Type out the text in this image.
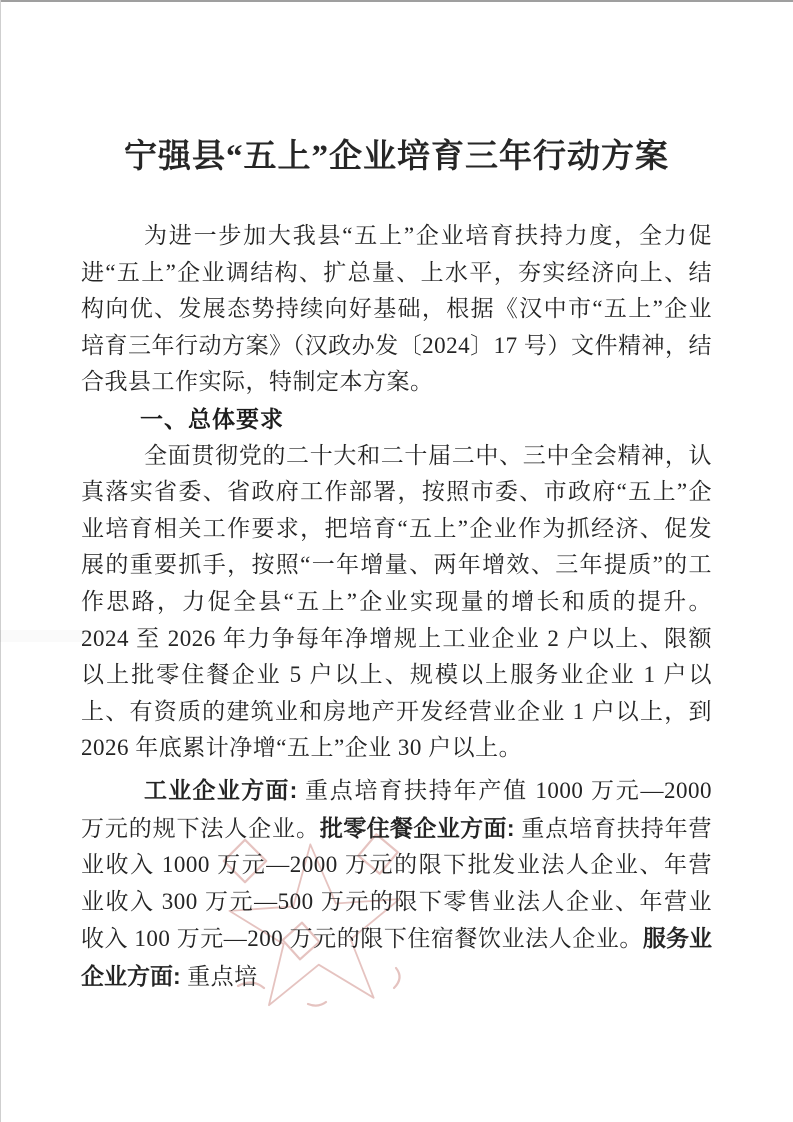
宁强县“五上”企业培育三年行动方案

为进一步加大我县“五上”企业培育扶持力度，全力促进“五上”企业调结构、扩总量、上水平，夯实经济向上、结构向优、发展态势持续向好基础，根据《汉中市“五上”企业培育三年行动方案》（汉政办发〔2024〕17 号）文件精神，结合我县工作实际，特制定本方案。

一、总体要求

全面贯彻党的二十大和二十届二中、三中全会精神，认真落实省委、省政府工作部署，按照市委、市政府“五上”企业培育相关工作要求，把培育“五上”企业作为抓经济、促发展的重要抓手，按照“一年增量、两年增效、三年提质”的工作思路，力促全县“五上”企业实现量的增长和质的提升。2024 至 2026 年力争每年净增规上工业企业 2 户以上、限额以上批零住餐企业 5 户以上、规模以上服务业企业 1 户以上、有资质的建筑业和房地产开发经营业企业 1 户以上，到 2026 年底累计净增“五上”企业 30 户以上。

工业企业方面: 重点培育扶持年产值 1000 万元—2000 万元的规下法人企业。批零住餐企业方面: 重点培育扶持年营业收入 1000 万元—2000 万元的限下批发业法人企业、年营业收入 300 万元—500 万元的限下零售业法人企业、年营业收入 100 万元—200 万元的限下住宿餐饮业法人企业。服务业企业方面: 重点培
